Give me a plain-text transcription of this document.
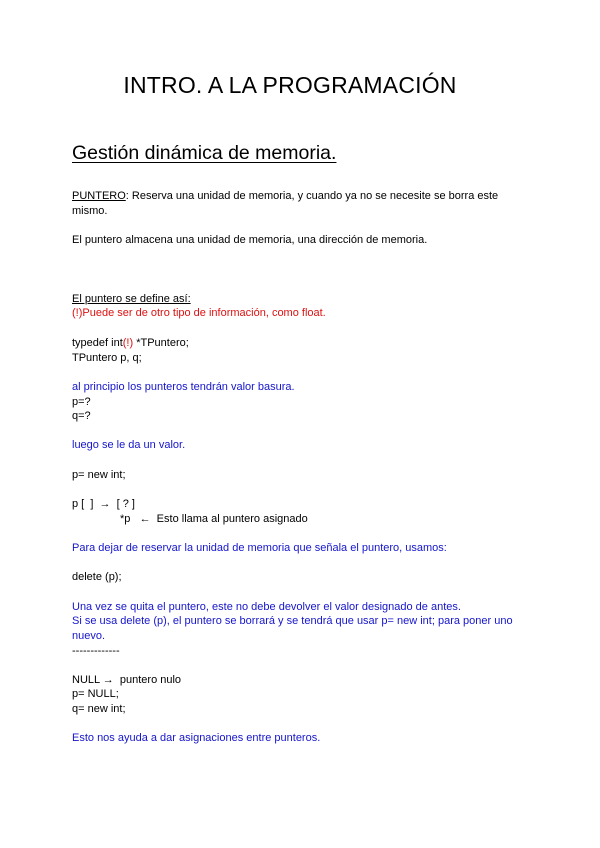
INTRO. A LA PROGRAMACIÓN
Gestión dinámica de memoria.
PUNTERO: Reserva una unidad de memoria, y cuando ya no se necesite se borra este mismo.
El puntero almacena una unidad de memoria, una dirección de memoria.
El puntero se define así:
(!)Puede ser de otro tipo de información, como float.
typedef int(!) *TPuntero;
TPuntero p, q;
al principio los punteros tendrán valor basura.
p=?
q=?
luego se le da un valor.
p= new int;
p [  ]  →  [ ? ]
*p   ←  Esto llama al puntero asignado
Para dejar de reservar la unidad de memoria que señala el puntero, usamos:
delete (p);
Una vez se quita el puntero, este no debe devolver el valor designado de antes.
Si se usa delete (p), el puntero se borrará y se tendrá que usar p= new int; para poner uno nuevo.
-------------
NULL →  puntero nulo
p= NULL;
q= new int;
Esto nos ayuda a dar asignaciones entre punteros.
